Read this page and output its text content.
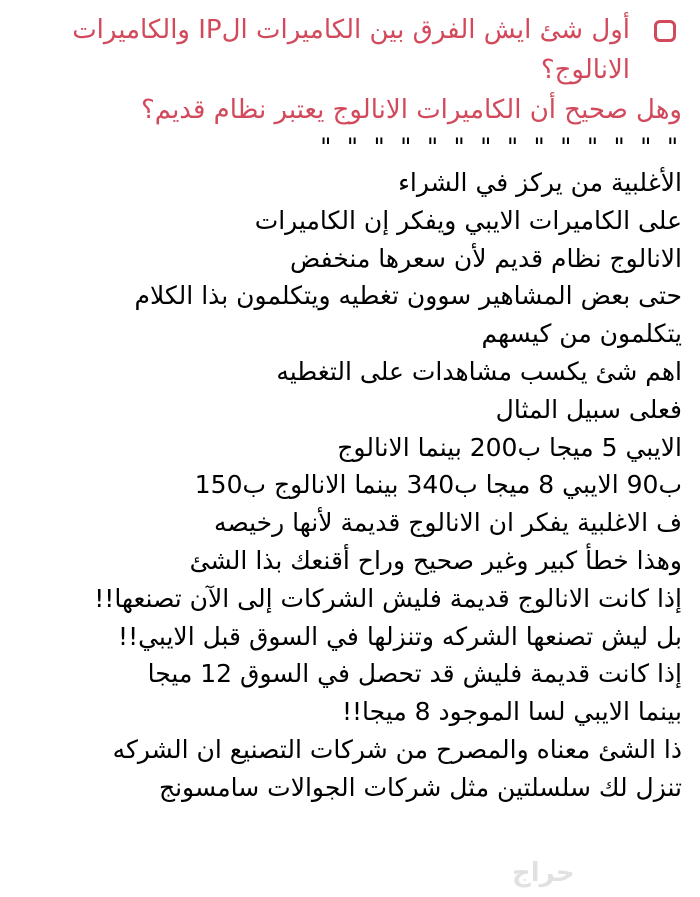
أول شئ ايش الفرق بين الكاميرات الIP والكاميرات
الانالوج؟
وهل صحيح أن الكاميرات الانالوج يعتبر نظام قديم؟
" " " " " " " " " " " " " "
الأغلبية من يركز في الشراء
على الكاميرات الايبي ويفكر إن الكاميرات
الانالوج نظام قديم لأن سعرها منخفض
حتى بعض المشاهير سوون تغطيه ويتكلمون بذا الكلام
يتكلمون من كيسهم
اهم شئ يكسب مشاهدات على التغطيه
فعلى سبيل المثال
الايبي 5 ميجا ب200 بينما الانالوج
ب90 الايبي 8 ميجا ب340 بينما الانالوج ب150
ف الاغلبية يفكر ان الانالوج قديمة لأنها رخيصه
وهذا خطأ كبير وغير صحيح وراح أقنعك بذا الشئ
إذا كانت الانالوج قديمة فليش الشركات إلى الآن تصنعها!!
بل ليش تصنعها الشركه وتنزلها في السوق قبل الايبي!!
إذا كانت قديمة فليش قد تحصل في السوق 12 ميجا
بينما الايبي لسا الموجود 8 ميجا!!
ذا الشئ معناه والمصرح من شركات التصنيع ان الشركه
تنزل لك سلسلتين مثل شركات الجوالات سامسونج
حراج
